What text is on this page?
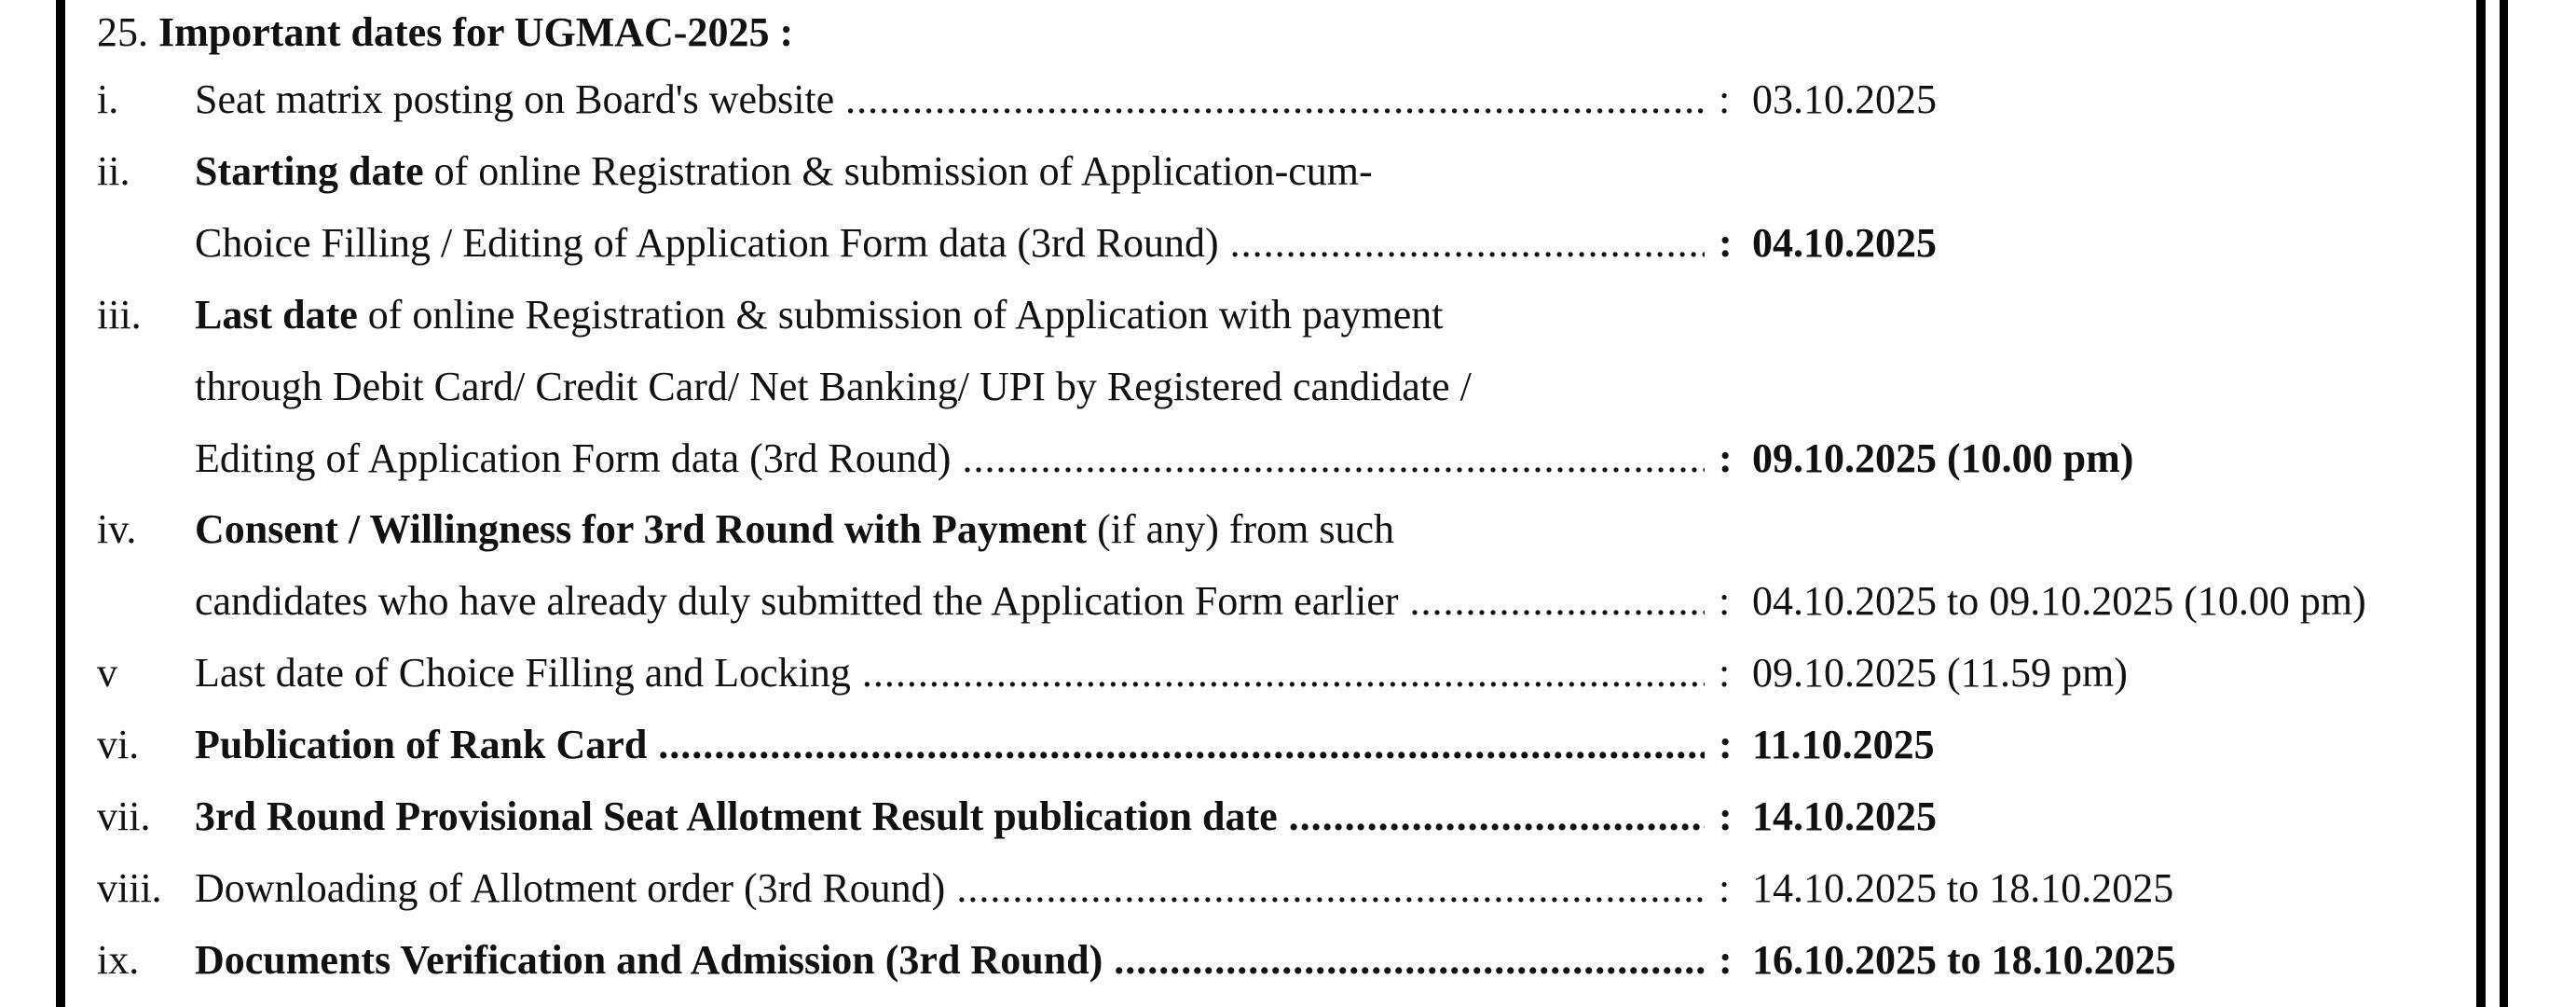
25. Important dates for UGMAC-2025 :
i. Seat matrix posting on Board's website .....	: 03.10.2025
ii. Starting date of online Registration & submission of Application-cum-
Choice Filling / Editing of Application Form data (3rd Round) .....	: 04.10.2025
iii. Last date of online Registration & submission of Application with payment
through Debit Card/ Credit Card/ Net Banking/ UPI by Registered candidate /
Editing of Application Form data (3rd Round) .....	: 09.10.2025 (10.00 pm)
iv. Consent / Willingness for 3rd Round with Payment (if any) from such
candidates who have already duly submitted the Application Form earlier .....	: 04.10.2025 to 09.10.2025 (10.00 pm)
v Last date of Choice Filling and Locking .....	: 09.10.2025 (11.59 pm)
vi. Publication of Rank Card .....	: 11.10.2025
vii. 3rd Round Provisional Seat Allotment Result publication date .....	: 14.10.2025
viii. Downloading of Allotment order (3rd Round) .....	: 14.10.2025 to 18.10.2025
ix. Documents Verification and Admission (3rd Round) .....	: 16.10.2025 to 18.10.2025
